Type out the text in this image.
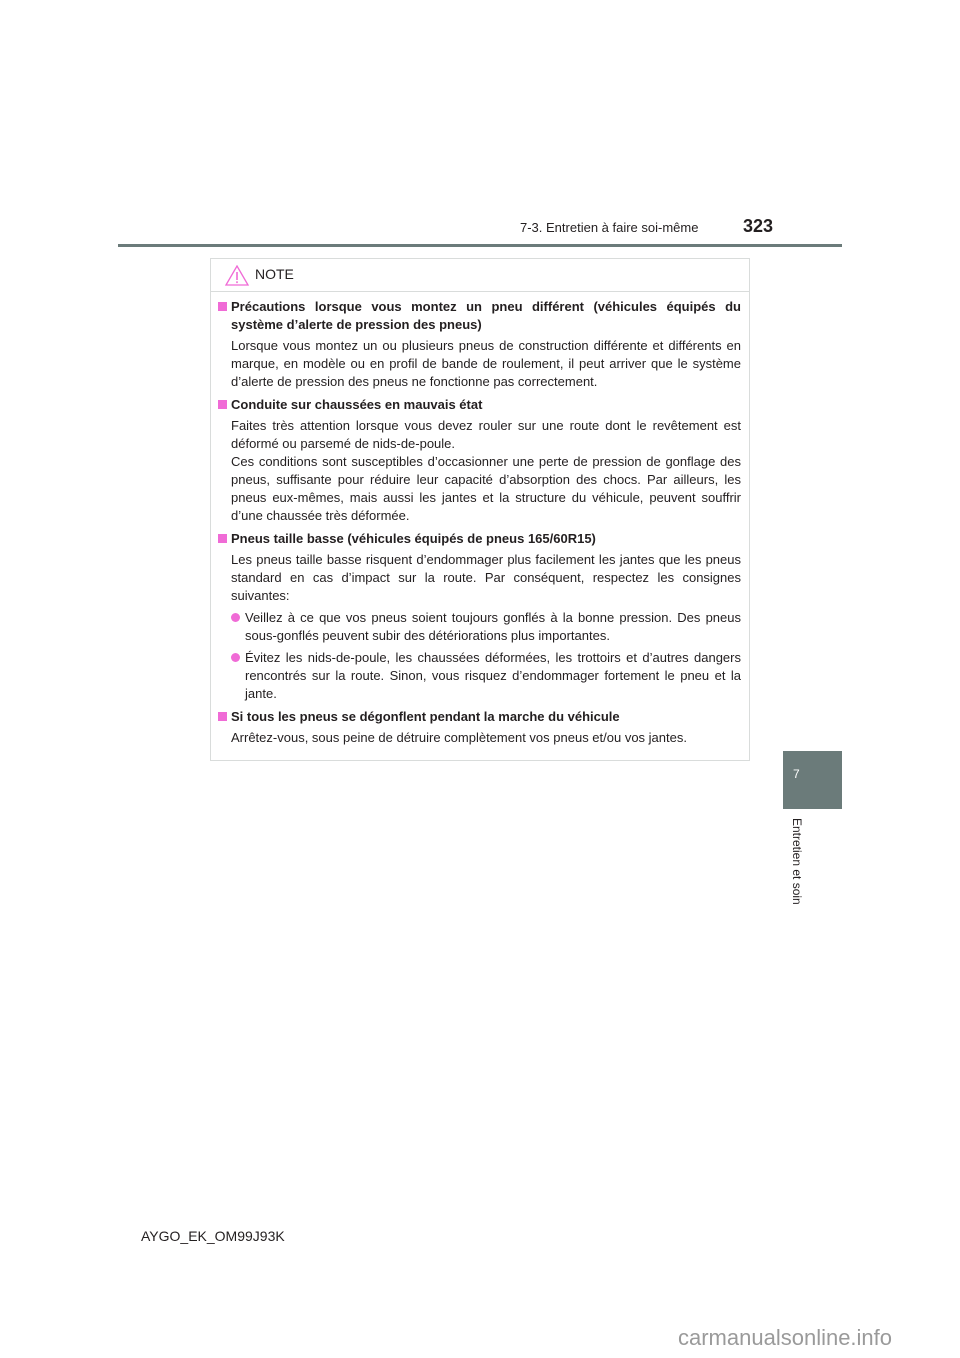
7-3. Entretien à faire soi-même 323
NOTE
Précautions lorsque vous montez un pneu différent (véhicules équipés du système d’alerte de pression des pneus)
Lorsque vous montez un ou plusieurs pneus de construction différente et différents en marque, en modèle ou en profil de bande de roulement, il peut arriver que le système d’alerte de pression des pneus ne fonctionne pas correctement.
Conduite sur chaussées en mauvais état
Faites très attention lorsque vous devez rouler sur une route dont le revêtement est déformé ou parsemé de nids-de-poule.
Ces conditions sont susceptibles d’occasionner une perte de pression de gonflage des pneus, suffisante pour réduire leur capacité d’absorption des chocs. Par ailleurs, les pneus eux-mêmes, mais aussi les jantes et la structure du véhicule, peuvent souffrir d’une chaussée très déformée.
Pneus taille basse (véhicules équipés de pneus 165/60R15)
Les pneus taille basse risquent d’endommager plus facilement les jantes que les pneus standard en cas d’impact sur la route. Par conséquent, respectez les consignes suivantes:
Veillez à ce que vos pneus soient toujours gonflés à la bonne pression. Des pneus sous-gonflés peuvent subir des détériorations plus importantes.
Évitez les nids-de-poule, les chaussées déformées, les trottoirs et d’autres dangers rencontrés sur la route. Sinon, vous risquez d’endommager fortement le pneu et la jante.
Si tous les pneus se dégonflent pendant la marche du véhicule
Arrêtez-vous, sous peine de détruire complètement vos pneus et/ou vos jantes.
7
Entretien et soin
AYGO_EK_OM99J93K
carmanualsonline.info
